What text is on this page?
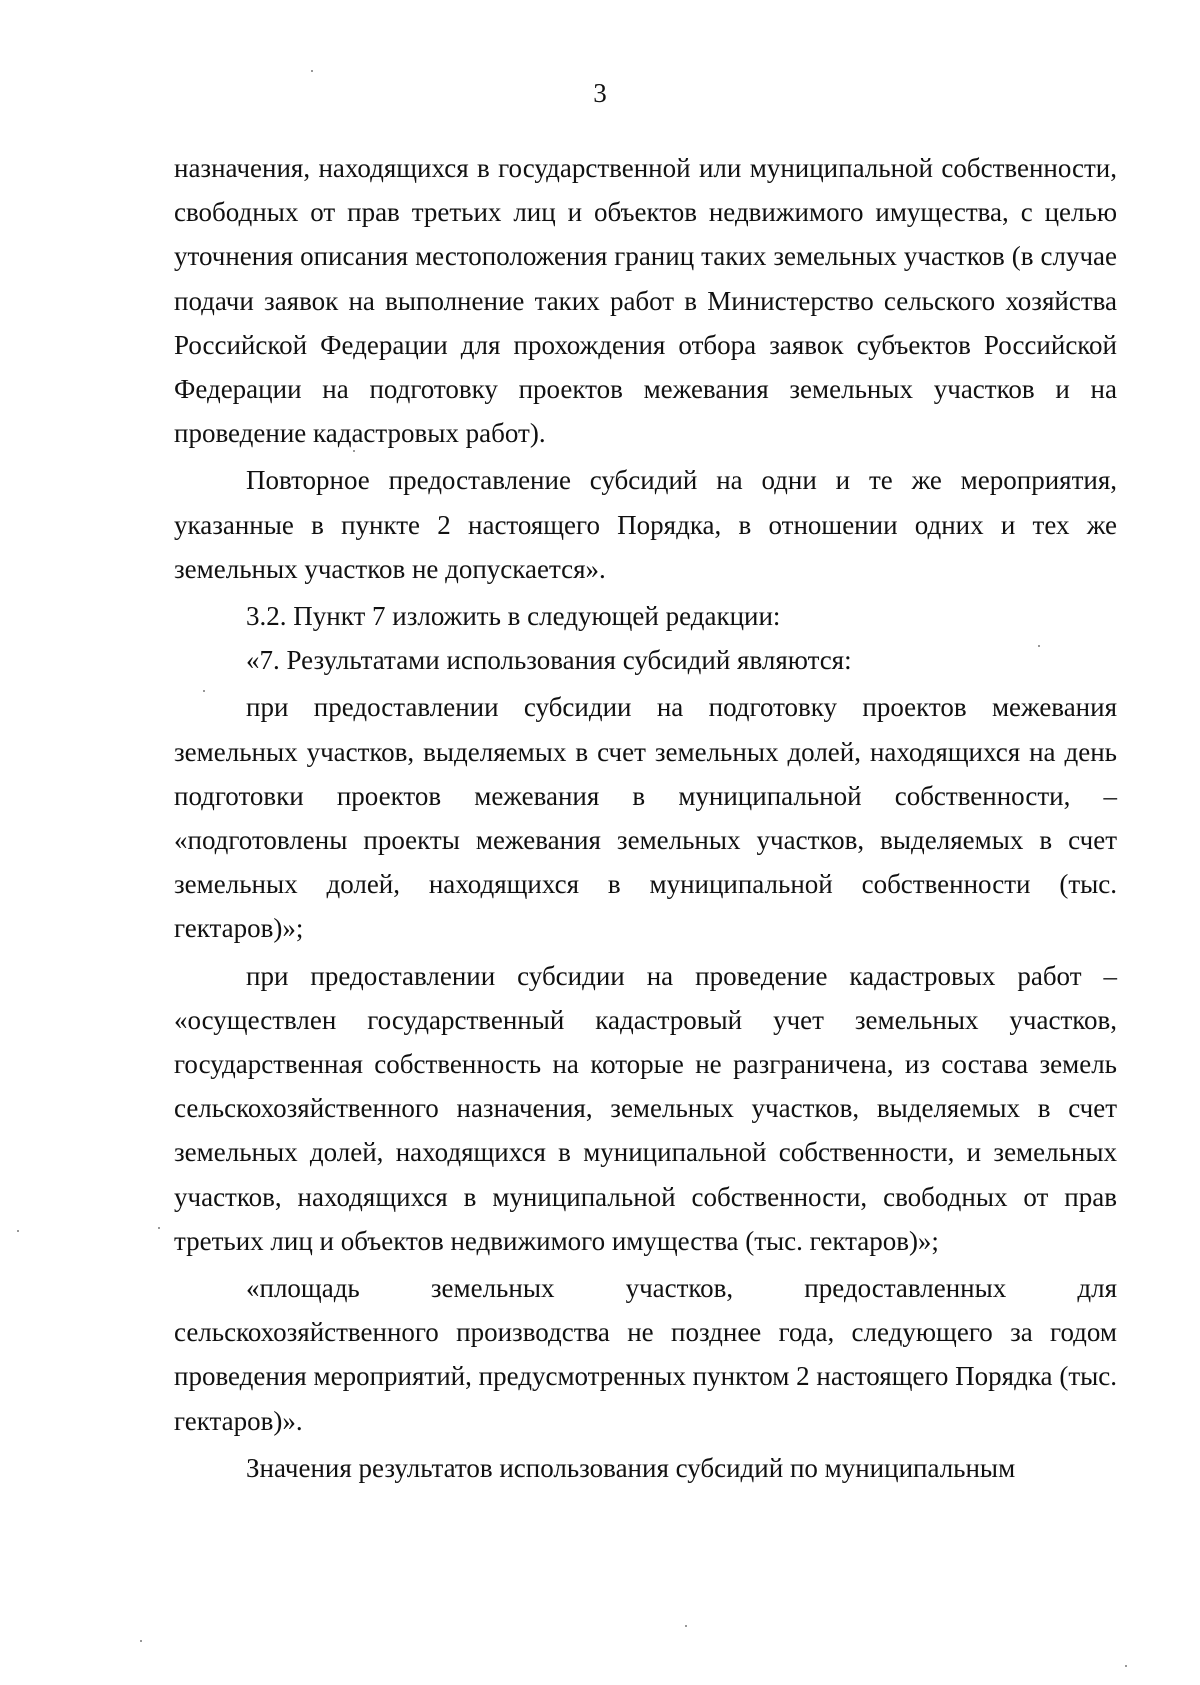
3

назначения, находящихся в государственной или муниципальной собственности, свободных от прав третьих лиц и объектов недвижимого имущества, с целью уточнения описания местоположения границ таких земельных участков (в случае подачи заявок на выполнение таких работ в Министерство сельского хозяйства Российской Федерации для прохождения отбора заявок субъектов Российской Федерации на подготовку проектов межевания земельных участков и на проведение кадастровых работ).

Повторное предоставление субсидий на одни и те же мероприятия, указанные в пункте 2 настоящего Порядка, в отношении одних и тех же земельных участков не допускается».

3.2. Пункт 7 изложить в следующей редакции:

«7. Результатами использования субсидий являются:

при предоставлении субсидии на подготовку проектов межевания земельных участков, выделяемых в счет земельных долей, находящихся на день подготовки проектов межевания в муниципальной собственности, – «подготовлены проекты межевания земельных участков, выделяемых в счет земельных долей, находящихся в муниципальной собственности (тыс. гектаров)»;

при предоставлении субсидии на проведение кадастровых работ – «осуществлен государственный кадастровый учет земельных участков, государственная собственность на которые не разграничена, из состава земель сельскохозяйственного назначения, земельных участков, выделяемых в счет земельных долей, находящихся в муниципальной собственности, и земельных участков, находящихся в муниципальной собственности, свободных от прав третьих лиц и объектов недвижимого имущества (тыс. гектаров)»;

«площадь земельных участков, предоставленных для сельскохозяйственного производства не позднее года, следующего за годом проведения мероприятий, предусмотренных пунктом 2 настоящего Порядка (тыс. гектаров)».

Значения результатов использования субсидий по муниципальным
